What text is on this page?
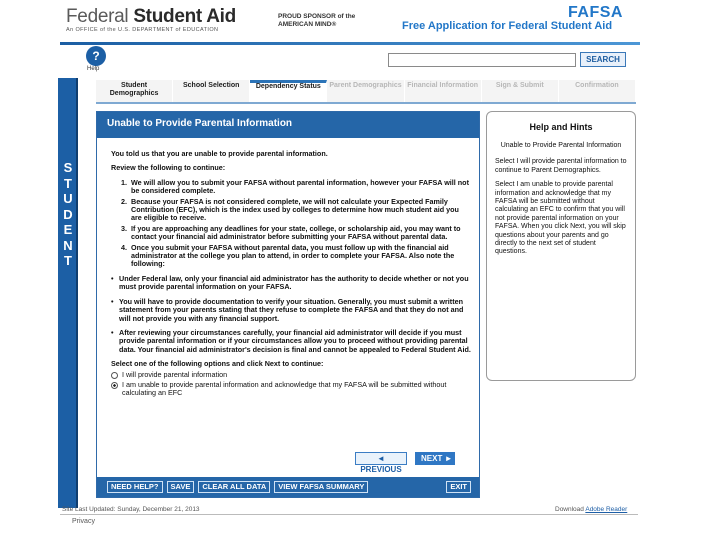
Federal Student Aid
An OFFICE of the U.S. DEPARTMENT of EDUCATION
PROUD SPONSOR of the AMERICAN MIND®
FAFSA
Free Application for Federal Student Aid
?
Help
SEARCH
S
T
U
D
E
N
T
Student Demographics
School Selection	Dependency Status	Parent Demographics Financial Information	Sign & Submit	Confirmation
Unable to Provide Parental Information
You told us that you are unable to provide parental information.
Review the following to continue:
1. We will allow you to submit your FAFSA without parental information, however your FAFSA will not be considered complete.
2. Because your FAFSA is not considered complete, we will not calculate your Expected Family Contribution (EFC), which is the index used by colleges to determine how much student aid you are eligible to receive.
3. If you are approaching any deadlines for your state, college, or scholarship aid, you may want to contact your financial aid administrator before submitting your FAFSA without parental data.
4. Once you submit your FAFSA without parental data, you must follow up with the financial aid administrator at the college you plan to attend, in order to complete your FAFSA. Also note the following:
• Under Federal law, only your financial aid administrator has the authority to decide whether or not you must provide parental information on your FAFSA.
• You will have to provide documentation to verify your situation. Generally, you must submit a written statement from your parents stating that they refuse to complete the FAFSA and that they do not and will not provide you with any financial support.
• After reviewing your circumstances carefully, your financial aid administrator will decide if you must provide parental information or if your circumstances allow you to proceed without providing parental data. Your financial aid administrator's decision is final and cannot be appealed to Federal Student Aid.
Select one of the following options and click Next to continue:
I will provide parental information
I am unable to provide parental information and acknowledge that my FAFSA will be submitted without calculating an EFC
◄ PREVIOUS
NEXT ►
NEED HELP?	SAVE	CLEAR ALL DATA	VIEW FAFSA SUMMARY	EXIT
Help and Hints
Unable to Provide Parental Information
Select I will provide parental information to continue to Parent Demographics.
Select I am unable to provide parental information and acknowledge that my FAFSA will be submitted without calculating an EFC to confirm that you will not provide parental information on your FAFSA. When you click Next, you will skip questions about your parents and go directly to the next set of student questions.
Site Last Updated: Sunday, December 21, 2013	Download Adobe Reader
Privacy
